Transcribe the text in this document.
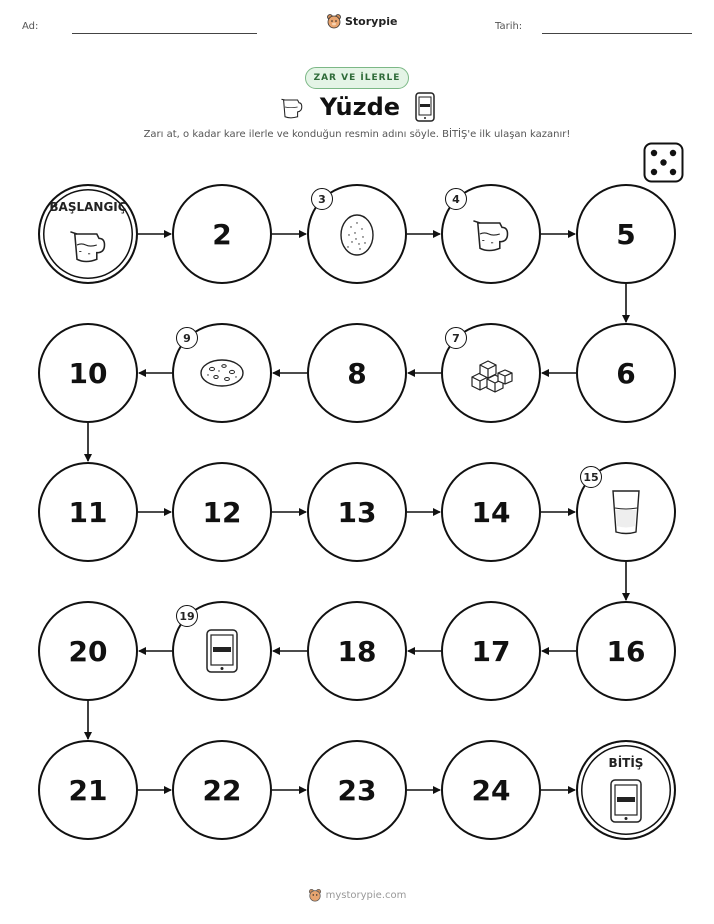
Ad:	Storypie	Tarih:
ZAR VE İLERLE
Yüzde
Zarı at, o kadar kare ilerle ve konduğun resmin adını söyle. BİTİŞ'e ilk ulaşan kazanır!
BAŞLANGIÇ
2
3	4
5
6
7
8
9
10
11	12	13	14
15
16
17
18
19
20
21	22	23	24
BİTİŞ
mystorypie.com
